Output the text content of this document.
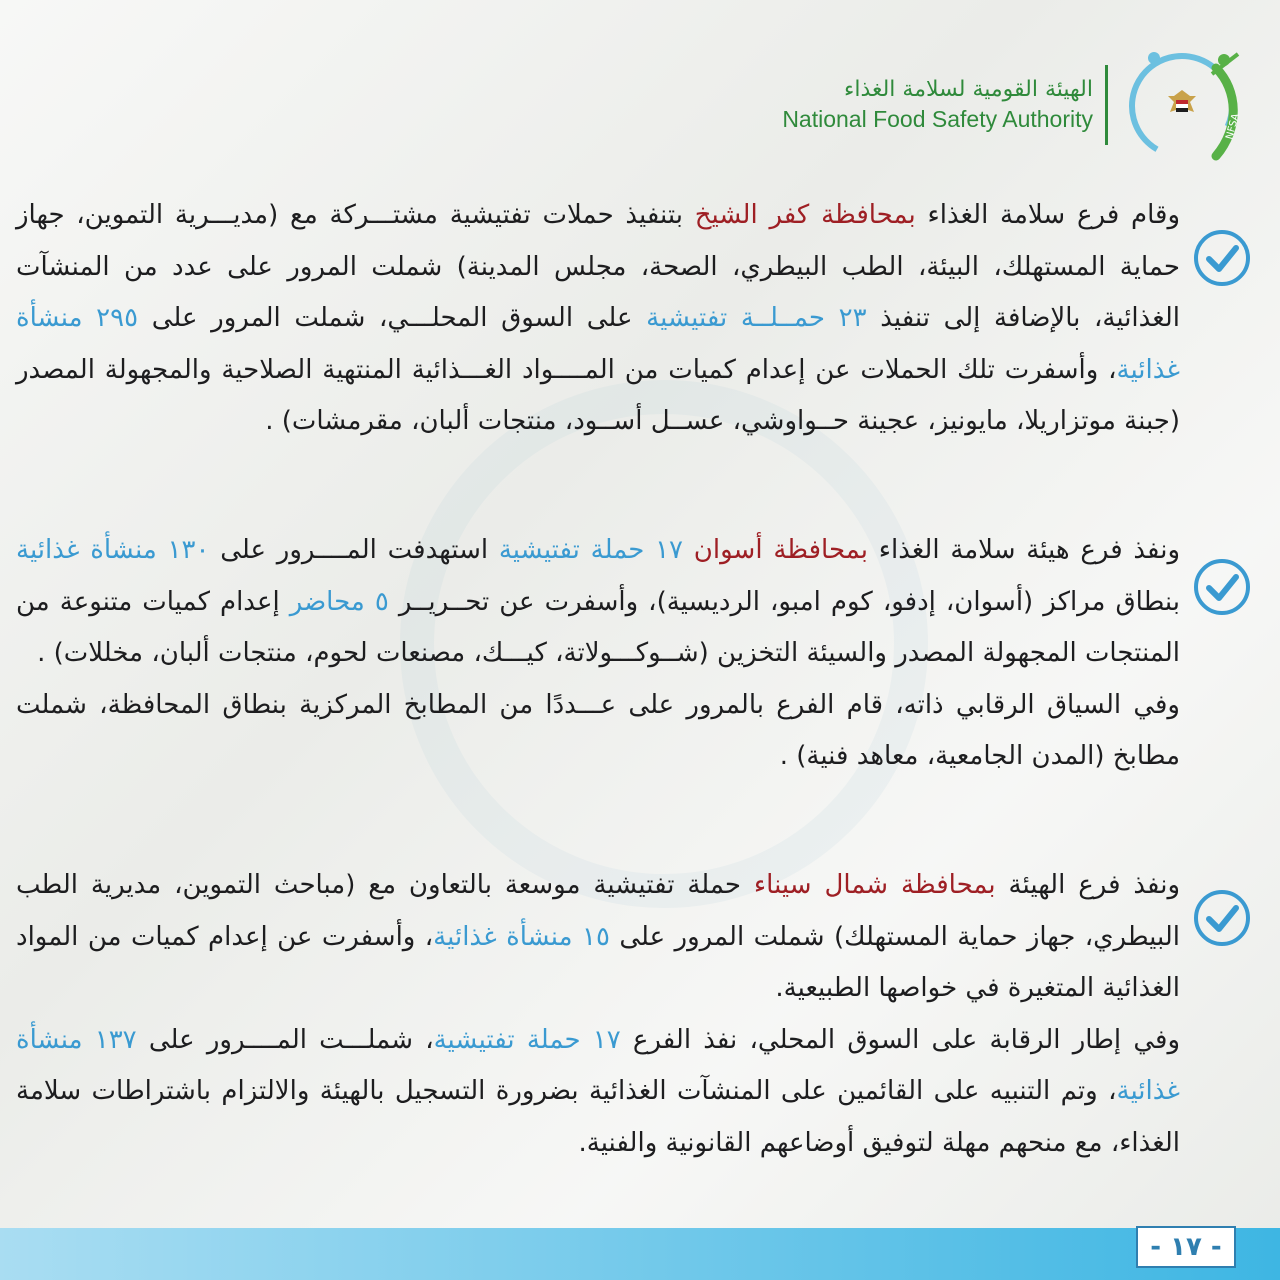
NFSA
الهيئة القومية لسلامة الغذاء
National Food Safety Authority

وقام فرع سلامة الغذاء بمحافظة كفر الشيخ بتنفيذ حملات تفتيشية مشتـــركة مع (مديـــرية التموين، جهاز حماية المستهلك، البيئة، الطب البيطري، الصحة، مجلس المدينة) شملت المرور على عدد من المنشآت الغذائية، بالإضافة إلى تنفيذ ٢٣ حمــلــة تفتيشية على السوق المحلـــي، شملت المرور على ٢٩٥ منشأة غذائية، وأسفرت تلك الحملات عن إعدام كميات من المــــواد الغـــذائية المنتهية الصلاحية والمجهولة المصدر (جبنة موتزاريلا، مايونيز، عجينة حــواوشي، عســل أســود، منتجات ألبان، مقرمشات) .

ونفذ فرع هيئة سلامة الغذاء بمحافظة أسوان ١٧ حملة تفتيشية استهدفت المــــرور على ١٣٠ منشأة غذائية بنطاق مراكز (أسوان، إدفو، كوم امبو، الرديسية)، وأسفرت عن تحــريــر ٥ محاضر إعدام كميات متنوعة من المنتجات المجهولة المصدر والسيئة التخزين (شــوكـــولاتة، كيـــك، مصنعات لحوم، منتجات ألبان، مخللات) .

وفي السياق الرقابي ذاته، قام الفرع بالمرور على عـــددًا من المطابخ المركزية بنطاق المحافظة، شملت مطابخ (المدن الجامعية، معاهد فنية) .

ونفذ فرع الهيئة بمحافظة شمال سيناء حملة تفتيشية موسعة بالتعاون مع (مباحث التموين، مديرية الطب البيطري، جهاز حماية المستهلك) شملت المرور على ١٥ منشأة غذائية، وأسفرت عن إعدام كميات من المواد الغذائية المتغيرة في خواصها الطبيعية.

وفي إطار الرقابة على السوق المحلي، نفذ الفرع ١٧ حملة تفتيشية، شملـــت المــــرور على ١٣٧ منشأة غذائية، وتم التنبيه على القائمين على المنشآت الغذائية بضرورة التسجيل بالهيئة والالتزام باشتراطات سلامة الغذاء، مع منحهم مهلة لتوفيق أوضاعهم القانونية والفنية.

- ١٧ -
